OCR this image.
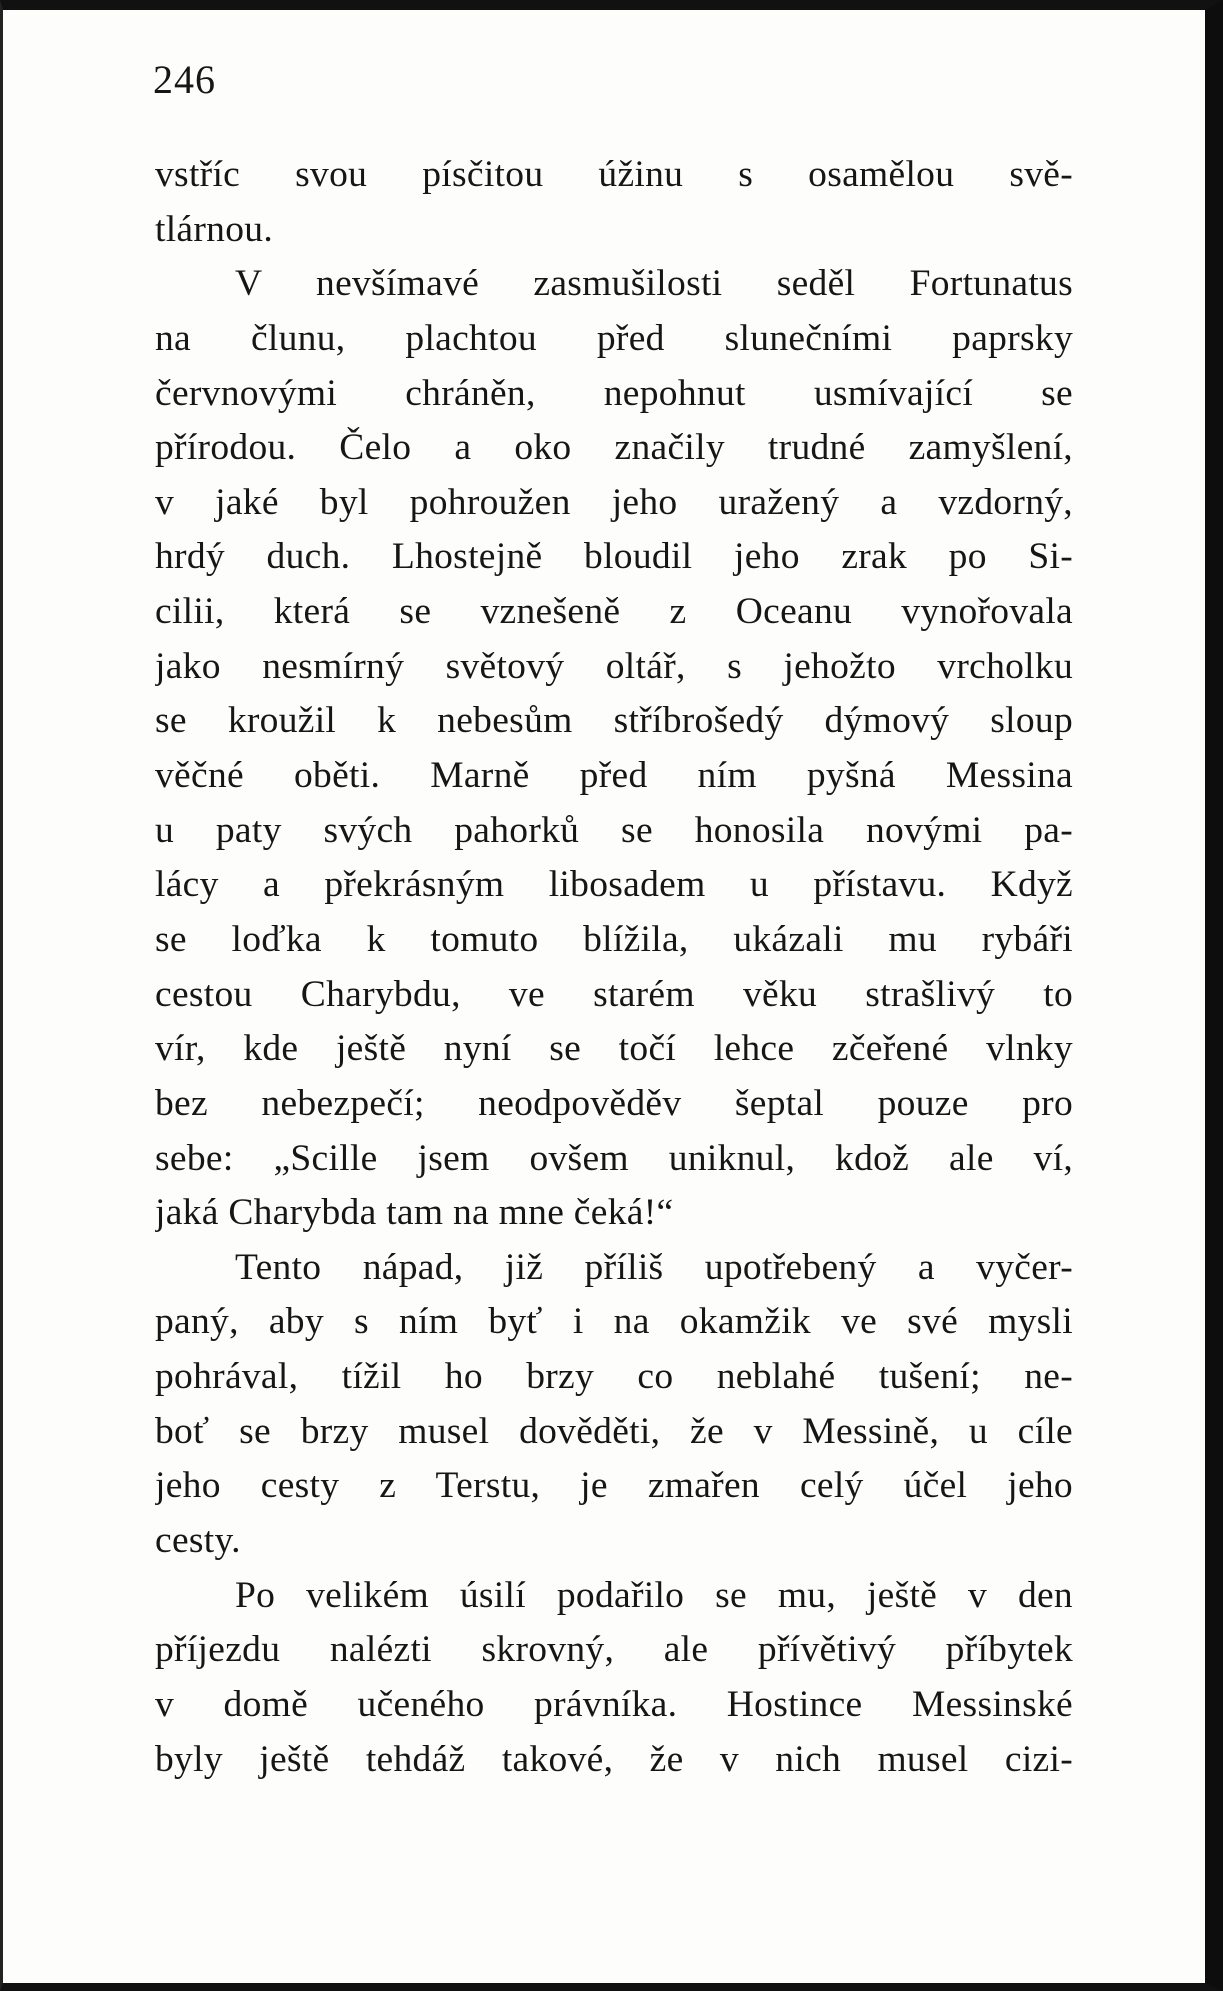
246
vstříc svou písčitou úžinu s osamělou svě-
tlárnou.
V nevšímavé zasmušilosti seděl Fortunatus
na člunu, plachtou před slunečními paprsky
červnovými chráněn, nepohnut usmívající se
přírodou. Čelo a oko značily trudné zamyšlení,
v jaké byl pohroužen jeho uražený a vzdorný,
hrdý duch. Lhostejně bloudil jeho zrak po Si-
cilii, která se vznešeně z Oceanu vynořovala
jako nesmírný světový oltář, s jehožto vrcholku
se kroužil k nebesům stříbrošedý dýmový sloup
věčné oběti. Marně před ním pyšná Messina
u paty svých pahorků se honosila novými pa-
lácy a překrásným libosadem u přístavu. Když
se loďka k tomuto blížila, ukázali mu rybáři
cestou Charybdu, ve starém věku strašlivý to
vír, kde ještě nyní se točí lehce zčeřené vlnky
bez nebezpečí; neodpověděv šeptal pouze pro
sebe: „Scille jsem ovšem uniknul, kdož ale ví,
jaká Charybda tam na mne čeká!“
Tento nápad, již příliš upotřebený a vyčer-
paný, aby s ním byť i na okamžik ve své mysli
pohrával, tížil ho brzy co neblahé tušení; ne-
boť se brzy musel dověděti, že v Messině, u cíle
jeho cesty z Terstu, je zmařen celý účel jeho
cesty.
Po velikém úsilí podařilo se mu, ještě v den
příjezdu nalézti skrovný, ale přívětivý příbytek
v domě učeného právníka. Hostince Messinské
byly ještě tehdáž takové, že v nich musel cizi-
